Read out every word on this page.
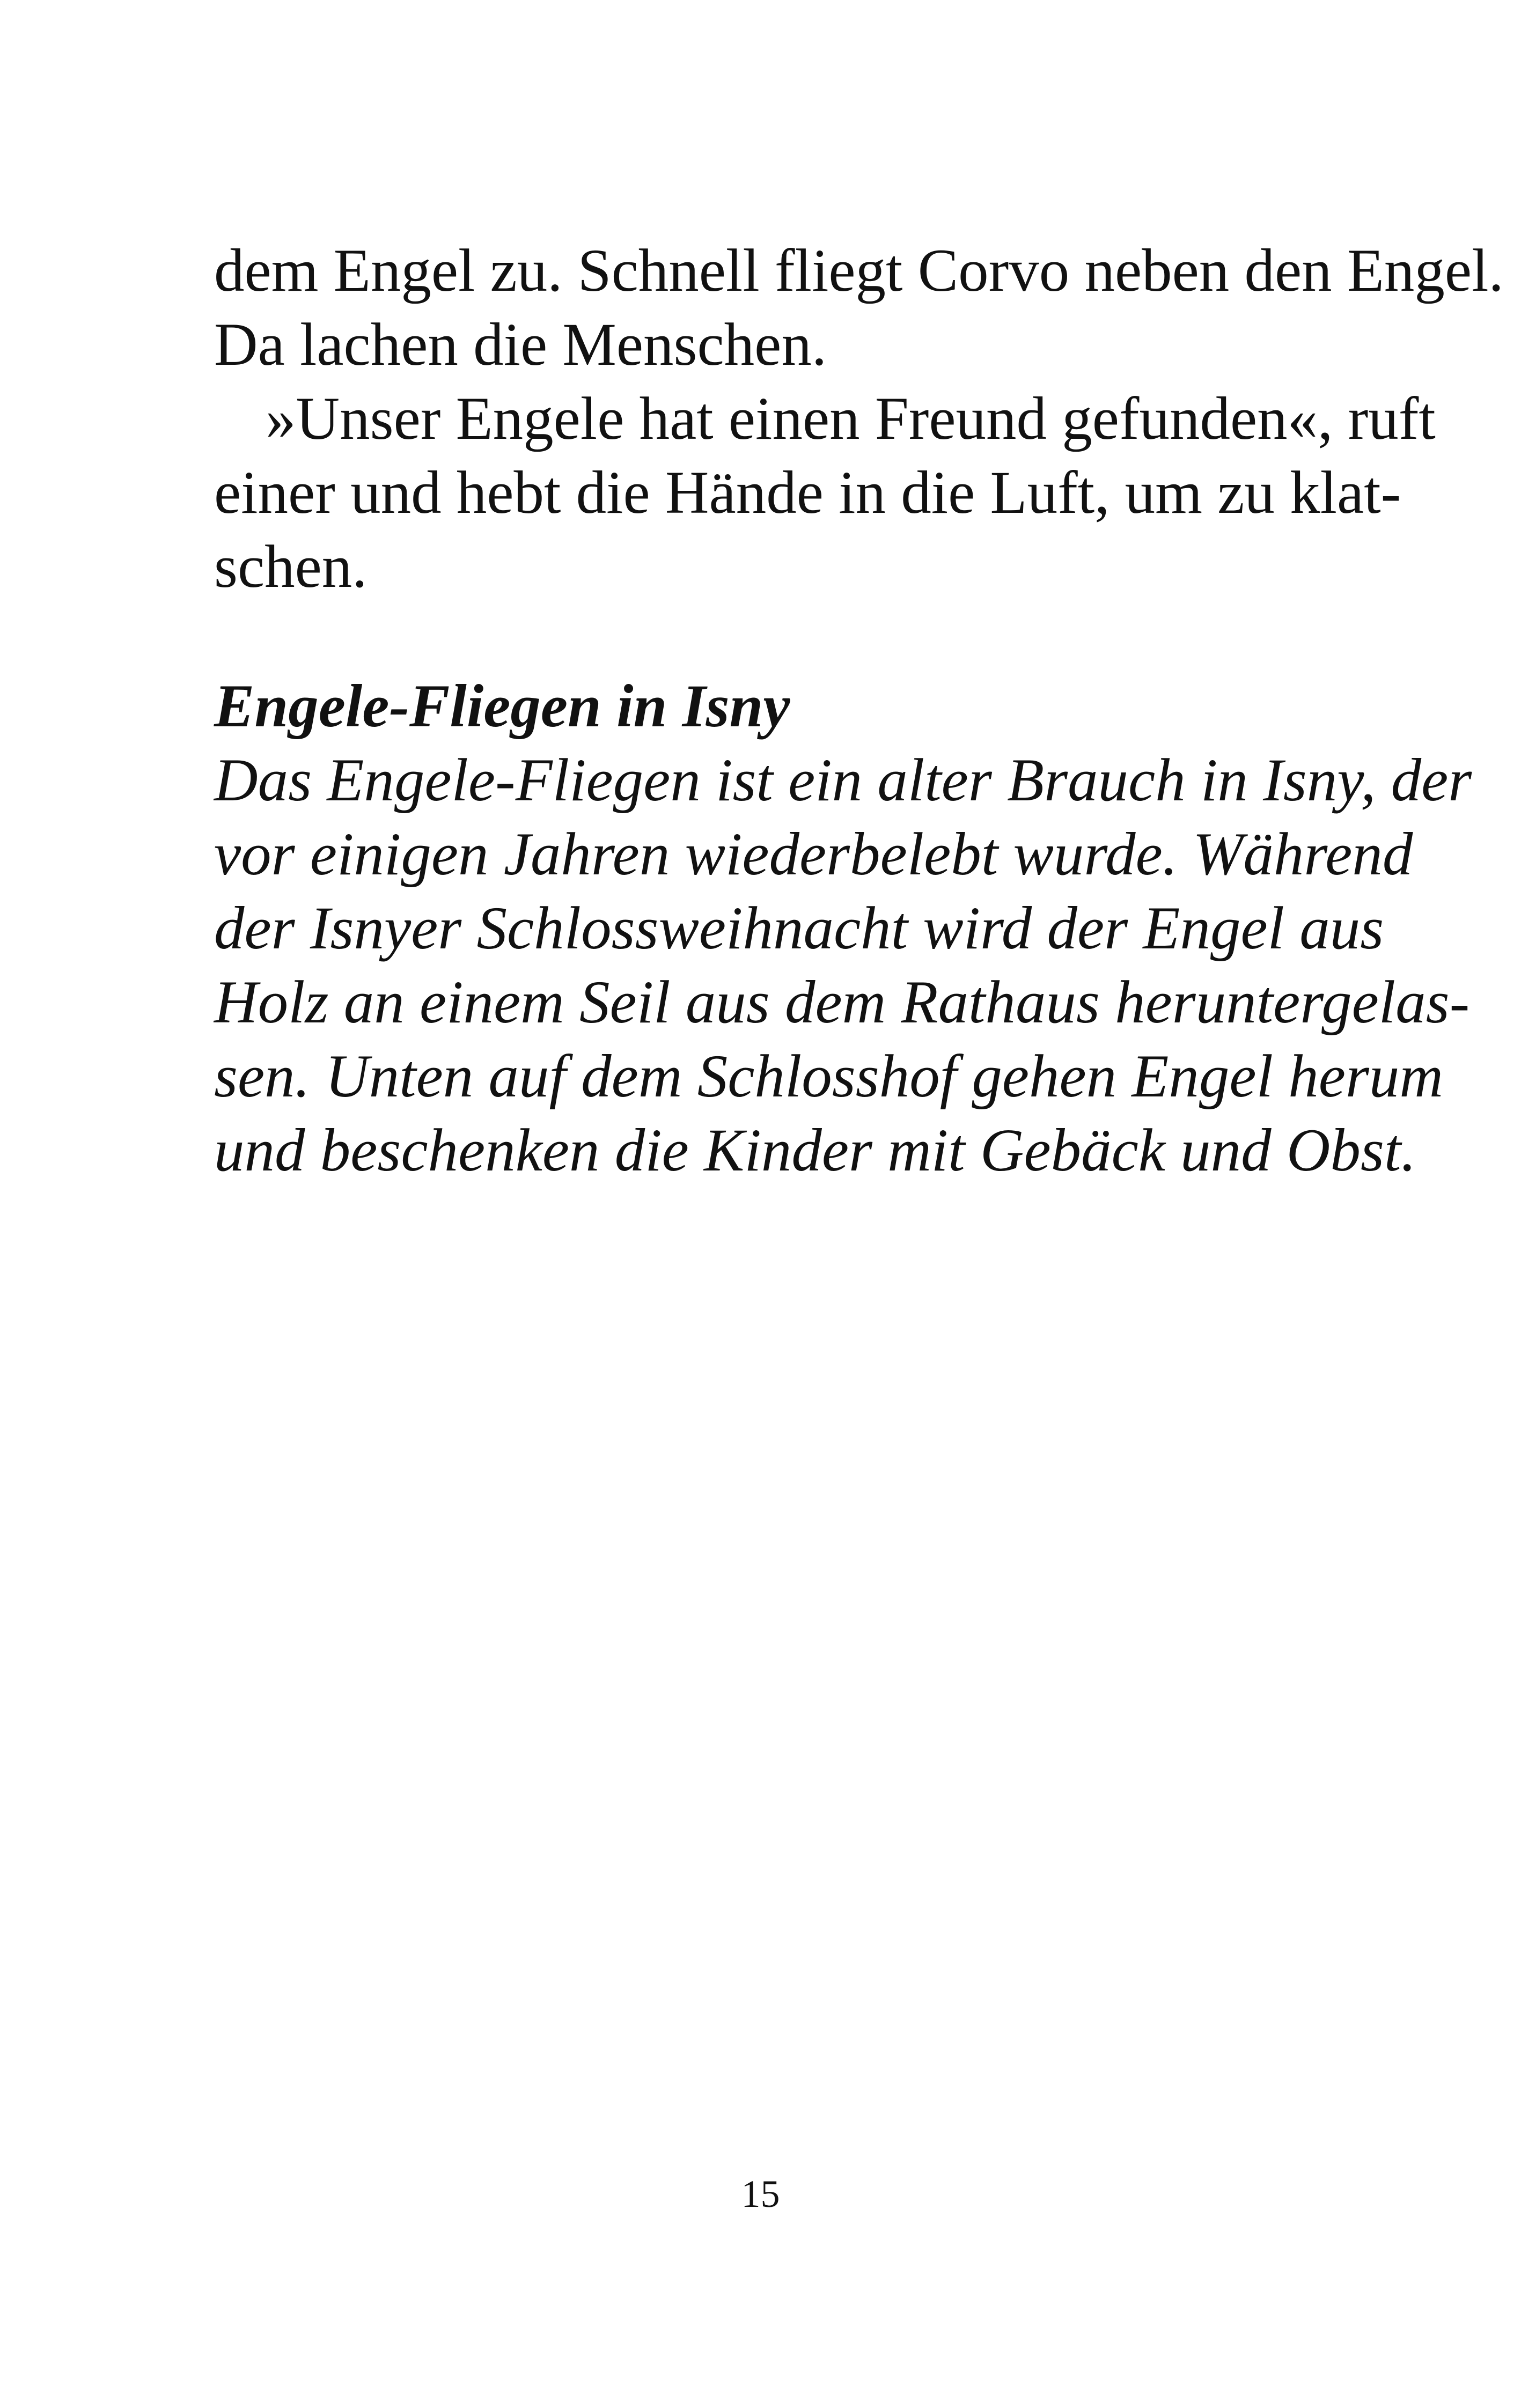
dem Engel zu. Schnell fliegt Corvo neben den Engel.
Da lachen die Menschen.
»Unser Engele hat einen Freund gefunden«, ruft
einer und hebt die Hände in die Luft, um zu klat-
schen.
Engele-Fliegen in Isny
Das Engele-Fliegen ist ein alter Brauch in Isny, der
vor einigen Jahren wiederbelebt wurde. Während
der Isnyer Schlossweihnacht wird der Engel aus
Holz an einem Seil aus dem Rathaus heruntergelas-
sen. Unten auf dem Schlosshof gehen Engel herum
und beschenken die Kinder mit Gebäck und Obst.
15
